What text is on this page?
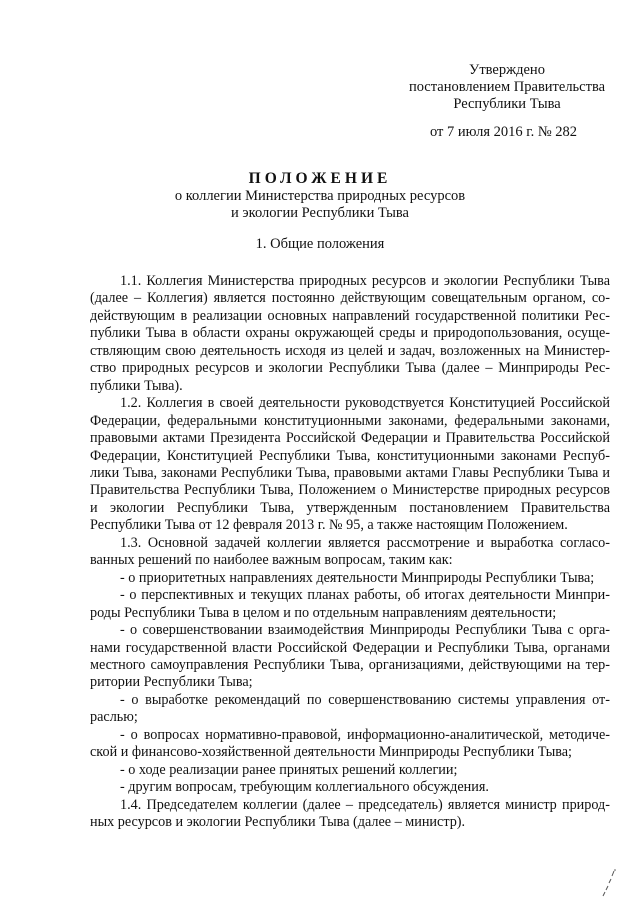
Утверждено
постановлением Правительства
Республики Тыва
от 7 июля 2016 г. № 282
ПОЛОЖЕНИЕ
о коллегии Министерства природных ресурсов
и экологии Республики Тыва
1. Общие положения

1.1. Коллегия Министерства природных ресурсов и экологии Республики Тыва (далее – Коллегия) является постоянно действующим совещательным органом, содействующим в реализации основных направлений государственной политики Республики Тыва в области охраны окружающей среды и природопользования, осуществляющим свою деятельность исходя из целей и задач, возложенных на Министерство природных ресурсов и экологии Республики Тыва (далее – Минприроды Республики Тыва).

1.2. Коллегия в своей деятельности руководствуется Конституцией Российской Федерации, федеральными конституционными законами, федеральными законами, правовыми актами Президента Российской Федерации и Правительства Российской Федерации, Конституцией Республики Тыва, конституционными законами Республики Тыва, законами Республики Тыва, правовыми актами Главы Республики Тыва и Правительства Республики Тыва, Положением о Министерстве природных ресурсов и экологии Республики Тыва, утвержденным постановлением Правительства Республики Тыва от 12 февраля 2013 г. № 95, а также настоящим Положением.

1.3. Основной задачей коллегии является рассмотрение и выработка согласованных решений по наиболее важным вопросам, таким как:

- о приоритетных направлениях деятельности Минприроды Республики Тыва;

- о перспективных и текущих планах работы, об итогах деятельности Минприроды Республики Тыва в целом и по отдельным направлениям деятельности;

- о совершенствовании взаимодействия Минприроды Республики Тыва с органами государственной власти Российской Федерации и Республики Тыва, органами местного самоуправления Республики Тыва, организациями, действующими на территории Республики Тыва;

- о выработке рекомендаций по совершенствованию системы управления отраслью;

- о вопросах нормативно-правовой, информационно-аналитической, методической и финансово-хозяйственной деятельности Минприроды Республики Тыва;

- о ходе реализации ранее принятых решений коллегии;

- другим вопросам, требующим коллегиального обсуждения.

1.4. Председателем коллегии (далее – председатель) является министр природных ресурсов и экологии Республики Тыва (далее – министр).
